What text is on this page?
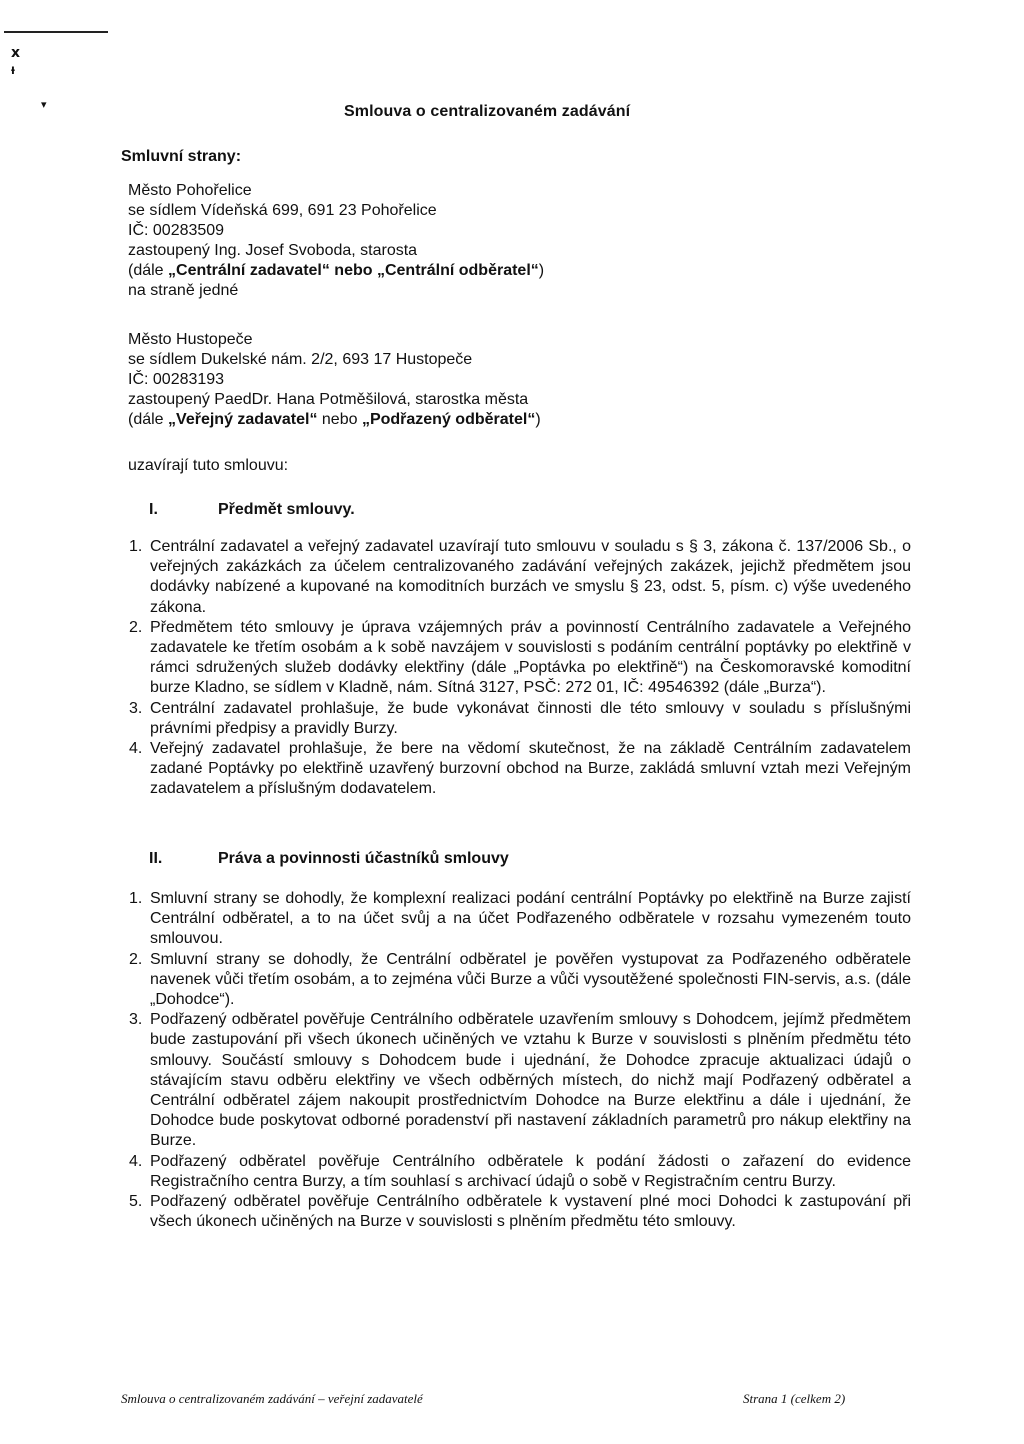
ⅹ
ᵼ
▾	Smlouva o centralizovaném zadávání
Smluvní strany:
Město Pohořelice
se sídlem Vídeňská 699, 691 23 Pohořelice
IČ: 00283509
zastoupený Ing. Josef Svoboda, starosta
(dále „Centrální zadavatel“ nebo „Centrální odběratel“)
na straně jedné
Město Hustopeče
se sídlem Dukelské nám. 2/2, 693 17 Hustopeče
IČ: 00283193
zastoupený PaedDr. Hana Potměšilová, starostka města
(dále „Veřejný zadavatel“ nebo „Podřazený odběratel“)
uzavírají tuto smlouvu:
I.	Předmět smlouvy.
1. Centrální zadavatel a veřejný zadavatel uzavírají tuto smlouvu v souladu s § 3, zákona č. 137/2006 Sb., o veřejných zakázkách za účelem centralizovaného zadávání veřejných zakázek, jejichž předmětem jsou dodávky nabízené a kupované na komoditních burzách ve smyslu § 23, odst. 5, písm. c) výše uvedeného zákona.
2. Předmětem této smlouvy je úprava vzájemných práv a povinností Centrálního zadavatele a Veřejného zadavatele ke třetím osobám a k sobě navzájem v souvislosti s podáním centrální poptávky po elektřině v rámci sdružených služeb dodávky elektřiny (dále „Poptávka po elektřině“) na Českomoravské komoditní burze Kladno, se sídlem v Kladně, nám. Sítná 3127, PSČ: 272 01, IČ: 49546392 (dále „Burza“).
3. Centrální zadavatel prohlašuje, že bude vykonávat činnosti dle této smlouvy v souladu s příslušnými právními předpisy a pravidly Burzy.
4. Veřejný zadavatel prohlašuje, že bere na vědomí skutečnost, že na základě Centrálním zadavatelem zadané Poptávky po elektřině uzavřený burzovní obchod na Burze, zakládá smluvní vztah mezi Veřejným zadavatelem a příslušným dodavatelem.
II.	Práva a povinnosti účastníků smlouvy
1. Smluvní strany se dohodly, že komplexní realizaci podání centrální Poptávky po elektřině na Burze zajistí Centrální odběratel, a to na účet svůj a na účet Podřazeného odběratele v rozsahu vymezeném touto smlouvou.
2. Smluvní strany se dohodly, že Centrální odběratel je pověřen vystupovat za Podřazeného odběratele navenek vůči třetím osobám, a to zejména vůči Burze a vůči vysoutěžené společnosti FIN-servis, a.s. (dále „Dohodce“).
3. Podřazený odběratel pověřuje Centrálního odběratele uzavřením smlouvy s Dohodcem, jejímž předmětem bude zastupování při všech úkonech učiněných ve vztahu k Burze v souvislosti s plněním předmětu této smlouvy. Součástí smlouvy s Dohodcem bude i ujednání, že Dohodce zpracuje aktualizaci údajů o stávajícím stavu odběru elektřiny ve všech odběrných místech, do nichž mají Podřazený odběratel a Centrální odběratel zájem nakoupit prostřednictvím Dohodce na Burze elektřinu a dále i ujednání, že Dohodce bude poskytovat odborné poradenství při nastavení základních parametrů pro nákup elektřiny na Burze.
4. Podřazený odběratel pověřuje Centrálního odběratele k podání žádosti o zařazení do evidence Registračního centra Burzy, a tím souhlasí s archivací údajů o sobě v Registračním centru Burzy.
5. Podřazený odběratel pověřuje Centrálního odběratele k vystavení plné moci Dohodci k zastupování při všech úkonech učiněných na Burze v souvislosti s plněním předmětu této smlouvy.
Smlouva o centralizovaném zadávání – veřejní zadavatelé	Strana 1 (celkem 2)
